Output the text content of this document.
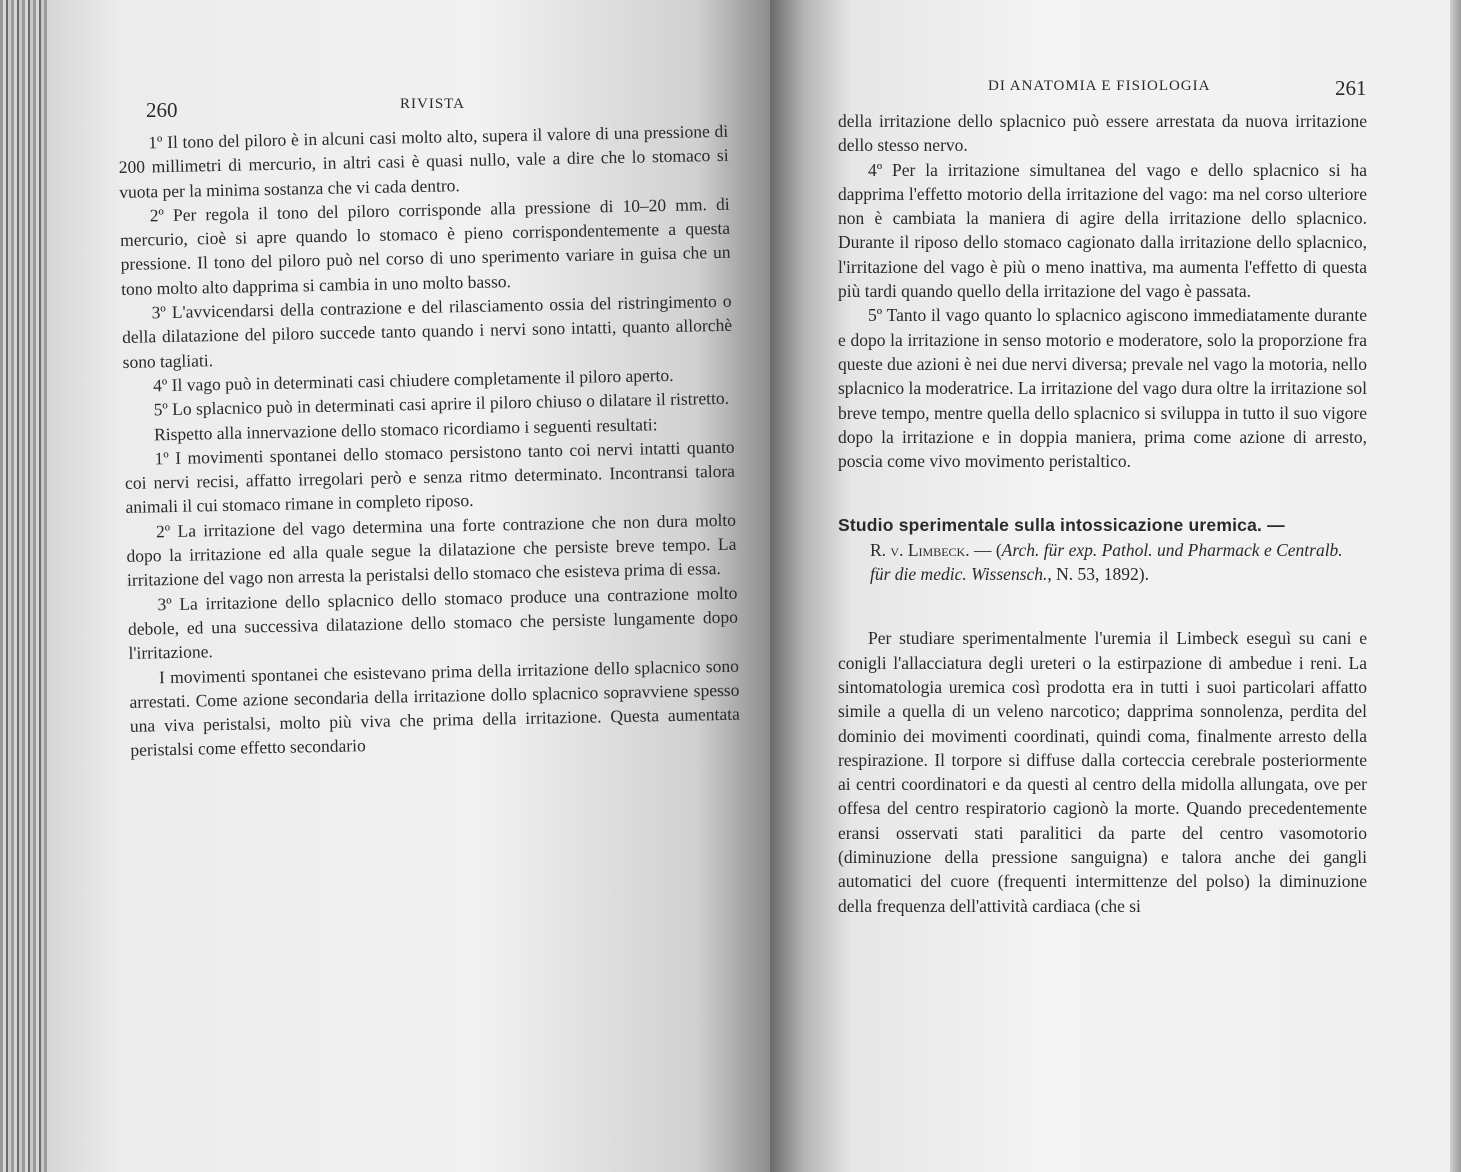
260	RIVISTA

1º Il tono del piloro è in alcuni casi molto alto, supera il valore di una pressione di 200 millimetri di mercurio, in altri casi è quasi nullo, vale a dire che lo stomaco si vuota per la minima sostanza che vi cada dentro.

2º Per regola il tono del piloro corrisponde alla pressione di 10–20 mm. di mercurio, cioè si apre quando lo stomaco è pieno corrispondentemente a questa pressione. Il tono del piloro può nel corso di uno sperimento variare in guisa che un tono molto alto dapprima si cambia in uno molto basso.

3º L'avvicendarsi della contrazione e del rilasciamento ossia del ristringimento o della dilatazione del piloro succede tanto quando i nervi sono intatti, quanto allorchè sono tagliati.

4º Il vago può in determinati casi chiudere completamente il piloro aperto.

5º Lo splacnico può in determinati casi aprire il piloro chiuso o dilatare il ristretto.

Rispetto alla innervazione dello stomaco ricordiamo i seguenti resultati:

1º I movimenti spontanei dello stomaco persistono tanto coi nervi intatti quanto coi nervi recisi, affatto irregolari però e senza ritmo determinato. Incontransi talora animali il cui stomaco rimane in completo riposo.

2º La irritazione del vago determina una forte contrazione che non dura molto dopo la irritazione ed alla quale segue la dilatazione che persiste breve tempo. La irritazione del vago non arresta la peristalsi dello stomaco che esisteva prima di essa.

3º La irritazione dello splacnico dello stomaco produce una contrazione molto debole, ed una successiva dilatazione dello stomaco che persiste lungamente dopo l'irritazione.

I movimenti spontanei che esistevano prima della irritazione dello splacnico sono arrestati. Come azione secondaria della irritazione dollo splacnico sopravviene spesso una viva peristalsi, molto più viva che prima della irritazione. Questa aumentata peristalsi come effetto secondario

DI ANATOMIA E FISIOLOGIA	261

della irritazione dello splacnico può essere arrestata da nuova irritazione dello stesso nervo.

4º Per la irritazione simultanea del vago e dello splacnico si ha dapprima l'effetto motorio della irritazione del vago: ma nel corso ulteriore non è cambiata la maniera di agire della irritazione dello splacnico. Durante il riposo dello stomaco cagionato dalla irritazione dello splacnico, l'irritazione del vago è più o meno inattiva, ma aumenta l'effetto di questa più tardi quando quello della irritazione del vago è passata.

5º Tanto il vago quanto lo splacnico agiscono immediatamente durante e dopo la irritazione in senso motorio e moderatore, solo la proporzione fra queste due azioni è nei due nervi diversa; prevale nel vago la motoria, nello splacnico la moderatrice. La irritazione del vago dura oltre la irritazione sol breve tempo, mentre quella dello splacnico si sviluppa in tutto il suo vigore dopo la irritazione e in doppia maniera, prima come azione di arresto, poscia come vivo movimento peristaltico.

Studio sperimentale sulla intossicazione uremica. —

R. v. Limbeck. — (Arch. für exp. Pathol. und Pharmack e Centralb. für die medic. Wissensch., N. 53, 1892).

Per studiare sperimentalmente l'uremia il Limbeck eseguì su cani e conigli l'allacciatura degli ureteri o la estirpazione di ambedue i reni. La sintomatologia uremica così prodotta era in tutti i suoi particolari affatto simile a quella di un veleno narcotico; dapprima sonnolenza, perdita del dominio dei movimenti coordinati, quindi coma, finalmente arresto della respirazione. Il torpore si diffuse dalla corteccia cerebrale posteriormente ai centri coordinatori e da questi al centro della midolla allungata, ove per offesa del centro respiratorio cagionò la morte. Quando precedentemente eransi osservati stati paralitici da parte del centro vasomotorio (diminuzione della pressione sanguigna) e talora anche dei gangli automatici del cuore (frequenti intermittenze del polso) la diminuzione della frequenza dell'attività cardiaca (che si
